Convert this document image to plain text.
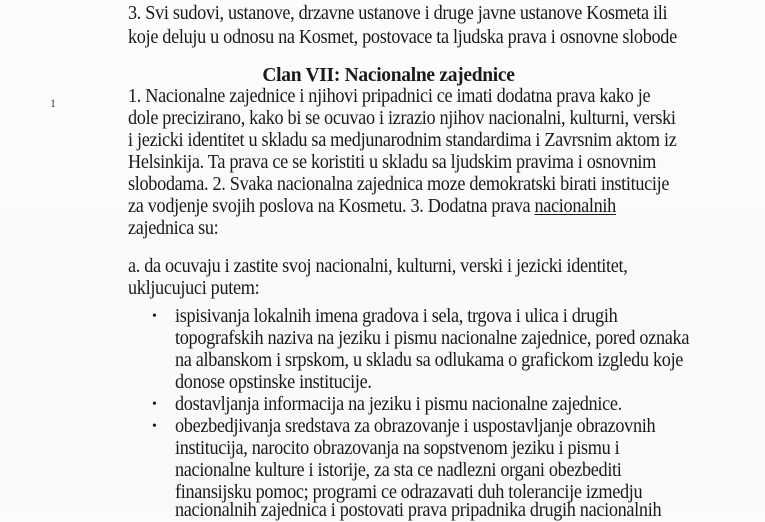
1
3. Svi sudovi, ustanove, drzavne ustanove i druge javne ustanove Kosmeta ili
koje deluju u odnosu na Kosmet, postovace ta ljudska prava i osnovne slobode
Clan VII: Nacionalne zajednice
1. Nacionalne zajednice i njihovi pripadnici ce imati dodatna prava kako je
dole precizirano, kako bi se ocuvao i izrazio njihov nacionalni, kulturni, verski
i jezicki identitet u skladu sa medjunarodnim standardima i Zavrsnim aktom iz
Helsinkija. Ta prava ce se koristiti u skladu sa ljudskim pravima i osnovnim
slobodama. 2. Svaka nacionalna zajednica moze demokratski birati institucije
za vodjenje svojih poslova na Kosmetu. 3. Dodatna prava nacionalnih
zajednica su:
a. da ocuvaju i zastite svoj nacionalni, kulturni, verski i jezicki identitet,
ukljucujuci putem:
• ispisivanja lokalnih imena gradova i sela, trgova i ulica i drugih
topografskih naziva na jeziku i pismu nacionalne zajednice, pored oznaka
na albanskom i srpskom, u skladu sa odlukama o grafickom izgledu koje
donose opstinske institucije.
• dostavljanja informacija na jeziku i pismu nacionalne zajednice.
• obezbedjivanja sredstava za obrazovanje i uspostavljanje obrazovnih
institucija, narocito obrazovanja na sopstvenom jeziku i pismu i
nacionalne kulture i istorije, za sta ce nadlezni organi obezbediti
finansijsku pomoc; programi ce odrazavati duh tolerancije izmedju
nacionalnih zajednica i postovati prava pripadnika drugih nacionalnih
